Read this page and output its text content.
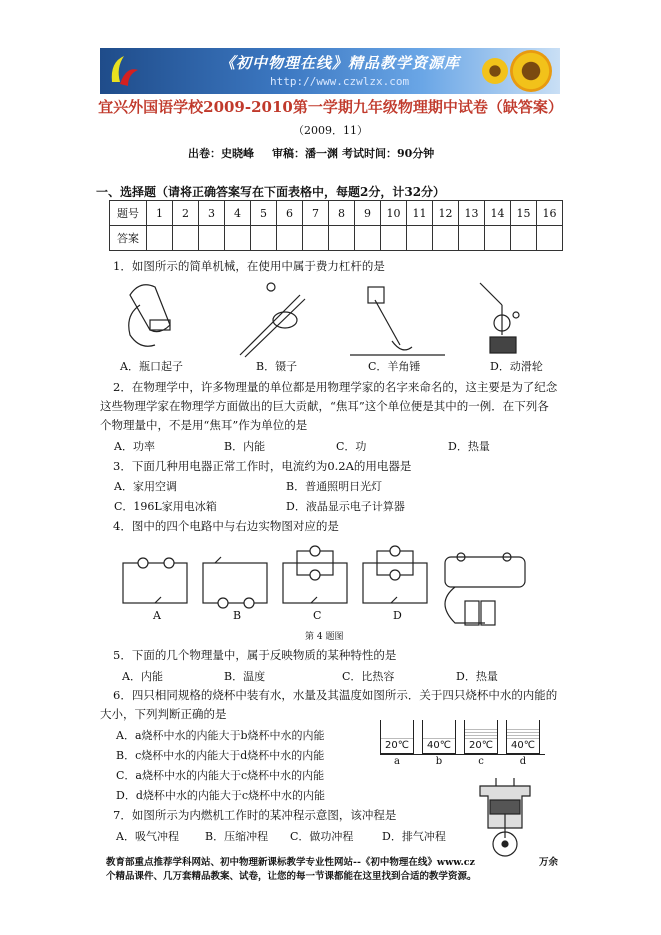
《初中物理在线》精品教学资源库
http://www.czwlzx.com
宜兴外国语学校2009-2010第一学期九年级物理期中试卷（缺答案）
（2009．11）
出卷：史晓峰 审稿：潘一渊 考试时间：90分钟
一、选择题（请将正确答案写在下面表格中，每题2分，计32分）
题号	1	2	3	4	5	6	7	8	9	10	11	12	13	14	15	16
答案																
1．如图所示的简单机械，在使用中属于费力杠杆的是
A．瓶口起子	B．镊子	C．羊角锤	D．动滑轮
2．在物理学中，许多物理量的单位都是用物理学家的名字来命名的，这主要是为了纪念
这些物理学家在物理学方面做出的巨大贡献，“焦耳”这个单位便是其中的一例．在下列各
个物理量中，不是用“焦耳”作为单位的是
A．功率	B．内能	C．功	D．热量
3．下面几种用电器正常工作时，电流约为0.2A的用电器是
A．家用空调	B．普通照明日光灯
C．196L家用电冰箱	D．液晶显示电子计算器
4．图中的四个电路中与右边实物图对应的是
A	B	C	D
第 4 题图
5．下面的几个物理量中，属于反映物质的某种特性的是
A．内能	B．温度	C．比热容	D．热量
6．四只相同规格的烧杯中装有水，水量及其温度如图所示．关于四只烧杯中水的内能的
大小，下列判断正确的是
A．a烧杯中水的内能大于b烧杯中水的内能
B．c烧杯中水的内能大于d烧杯中水的内能
C．a烧杯中水的内能大于c烧杯中水的内能
D．d烧杯中水的内能大于c烧杯中水的内能
20℃
a
40℃
b
20℃
c
40℃
d
7．如图所示为内燃机工作时的某冲程示意图，该冲程是
A．吸气冲程 B．压缩冲程 C．做功冲程	D．排气冲程
教育部重点推荐学科网站、初中物理新课标教学专业性网站--《初中物理在线》www.cz	万余
个精品课件、几万套精品教案、试卷，让您的每一节课都能在这里找到合适的教学资源。
